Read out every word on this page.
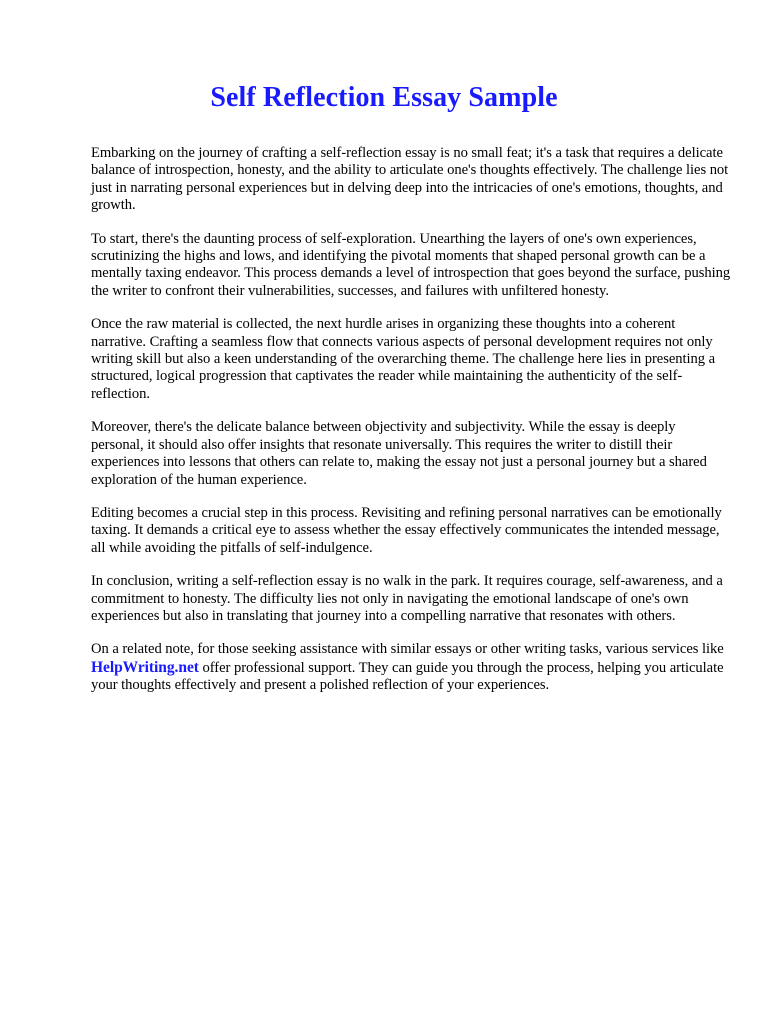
Self Reflection Essay Sample

Embarking on the journey of crafting a self-reflection essay is no small feat; it's a task that requires a delicate balance of introspection, honesty, and the ability to articulate one's thoughts effectively. The challenge lies not just in narrating personal experiences but in delving deep into the intricacies of one's emotions, thoughts, and growth.

To start, there's the daunting process of self-exploration. Unearthing the layers of one's own experiences, scrutinizing the highs and lows, and identifying the pivotal moments that shaped personal growth can be a mentally taxing endeavor. This process demands a level of introspection that goes beyond the surface, pushing the writer to confront their vulnerabilities, successes, and failures with unfiltered honesty.

Once the raw material is collected, the next hurdle arises in organizing these thoughts into a coherent narrative. Crafting a seamless flow that connects various aspects of personal development requires not only writing skill but also a keen understanding of the overarching theme. The challenge here lies in presenting a structured, logical progression that captivates the reader while maintaining the authenticity of the self-reflection.

Moreover, there's the delicate balance between objectivity and subjectivity. While the essay is deeply personal, it should also offer insights that resonate universally. This requires the writer to distill their experiences into lessons that others can relate to, making the essay not just a personal journey but a shared exploration of the human experience.

Editing becomes a crucial step in this process. Revisiting and refining personal narratives can be emotionally taxing. It demands a critical eye to assess whether the essay effectively communicates the intended message, all while avoiding the pitfalls of self-indulgence.

In conclusion, writing a self-reflection essay is no walk in the park. It requires courage, self-awareness, and a commitment to honesty. The difficulty lies not only in navigating the emotional landscape of one's own experiences but also in translating that journey into a compelling narrative that resonates with others.

On a related note, for those seeking assistance with similar essays or other writing tasks, various services like HelpWriting.net offer professional support. They can guide you through the process, helping you articulate your thoughts effectively and present a polished reflection of your experiences.
